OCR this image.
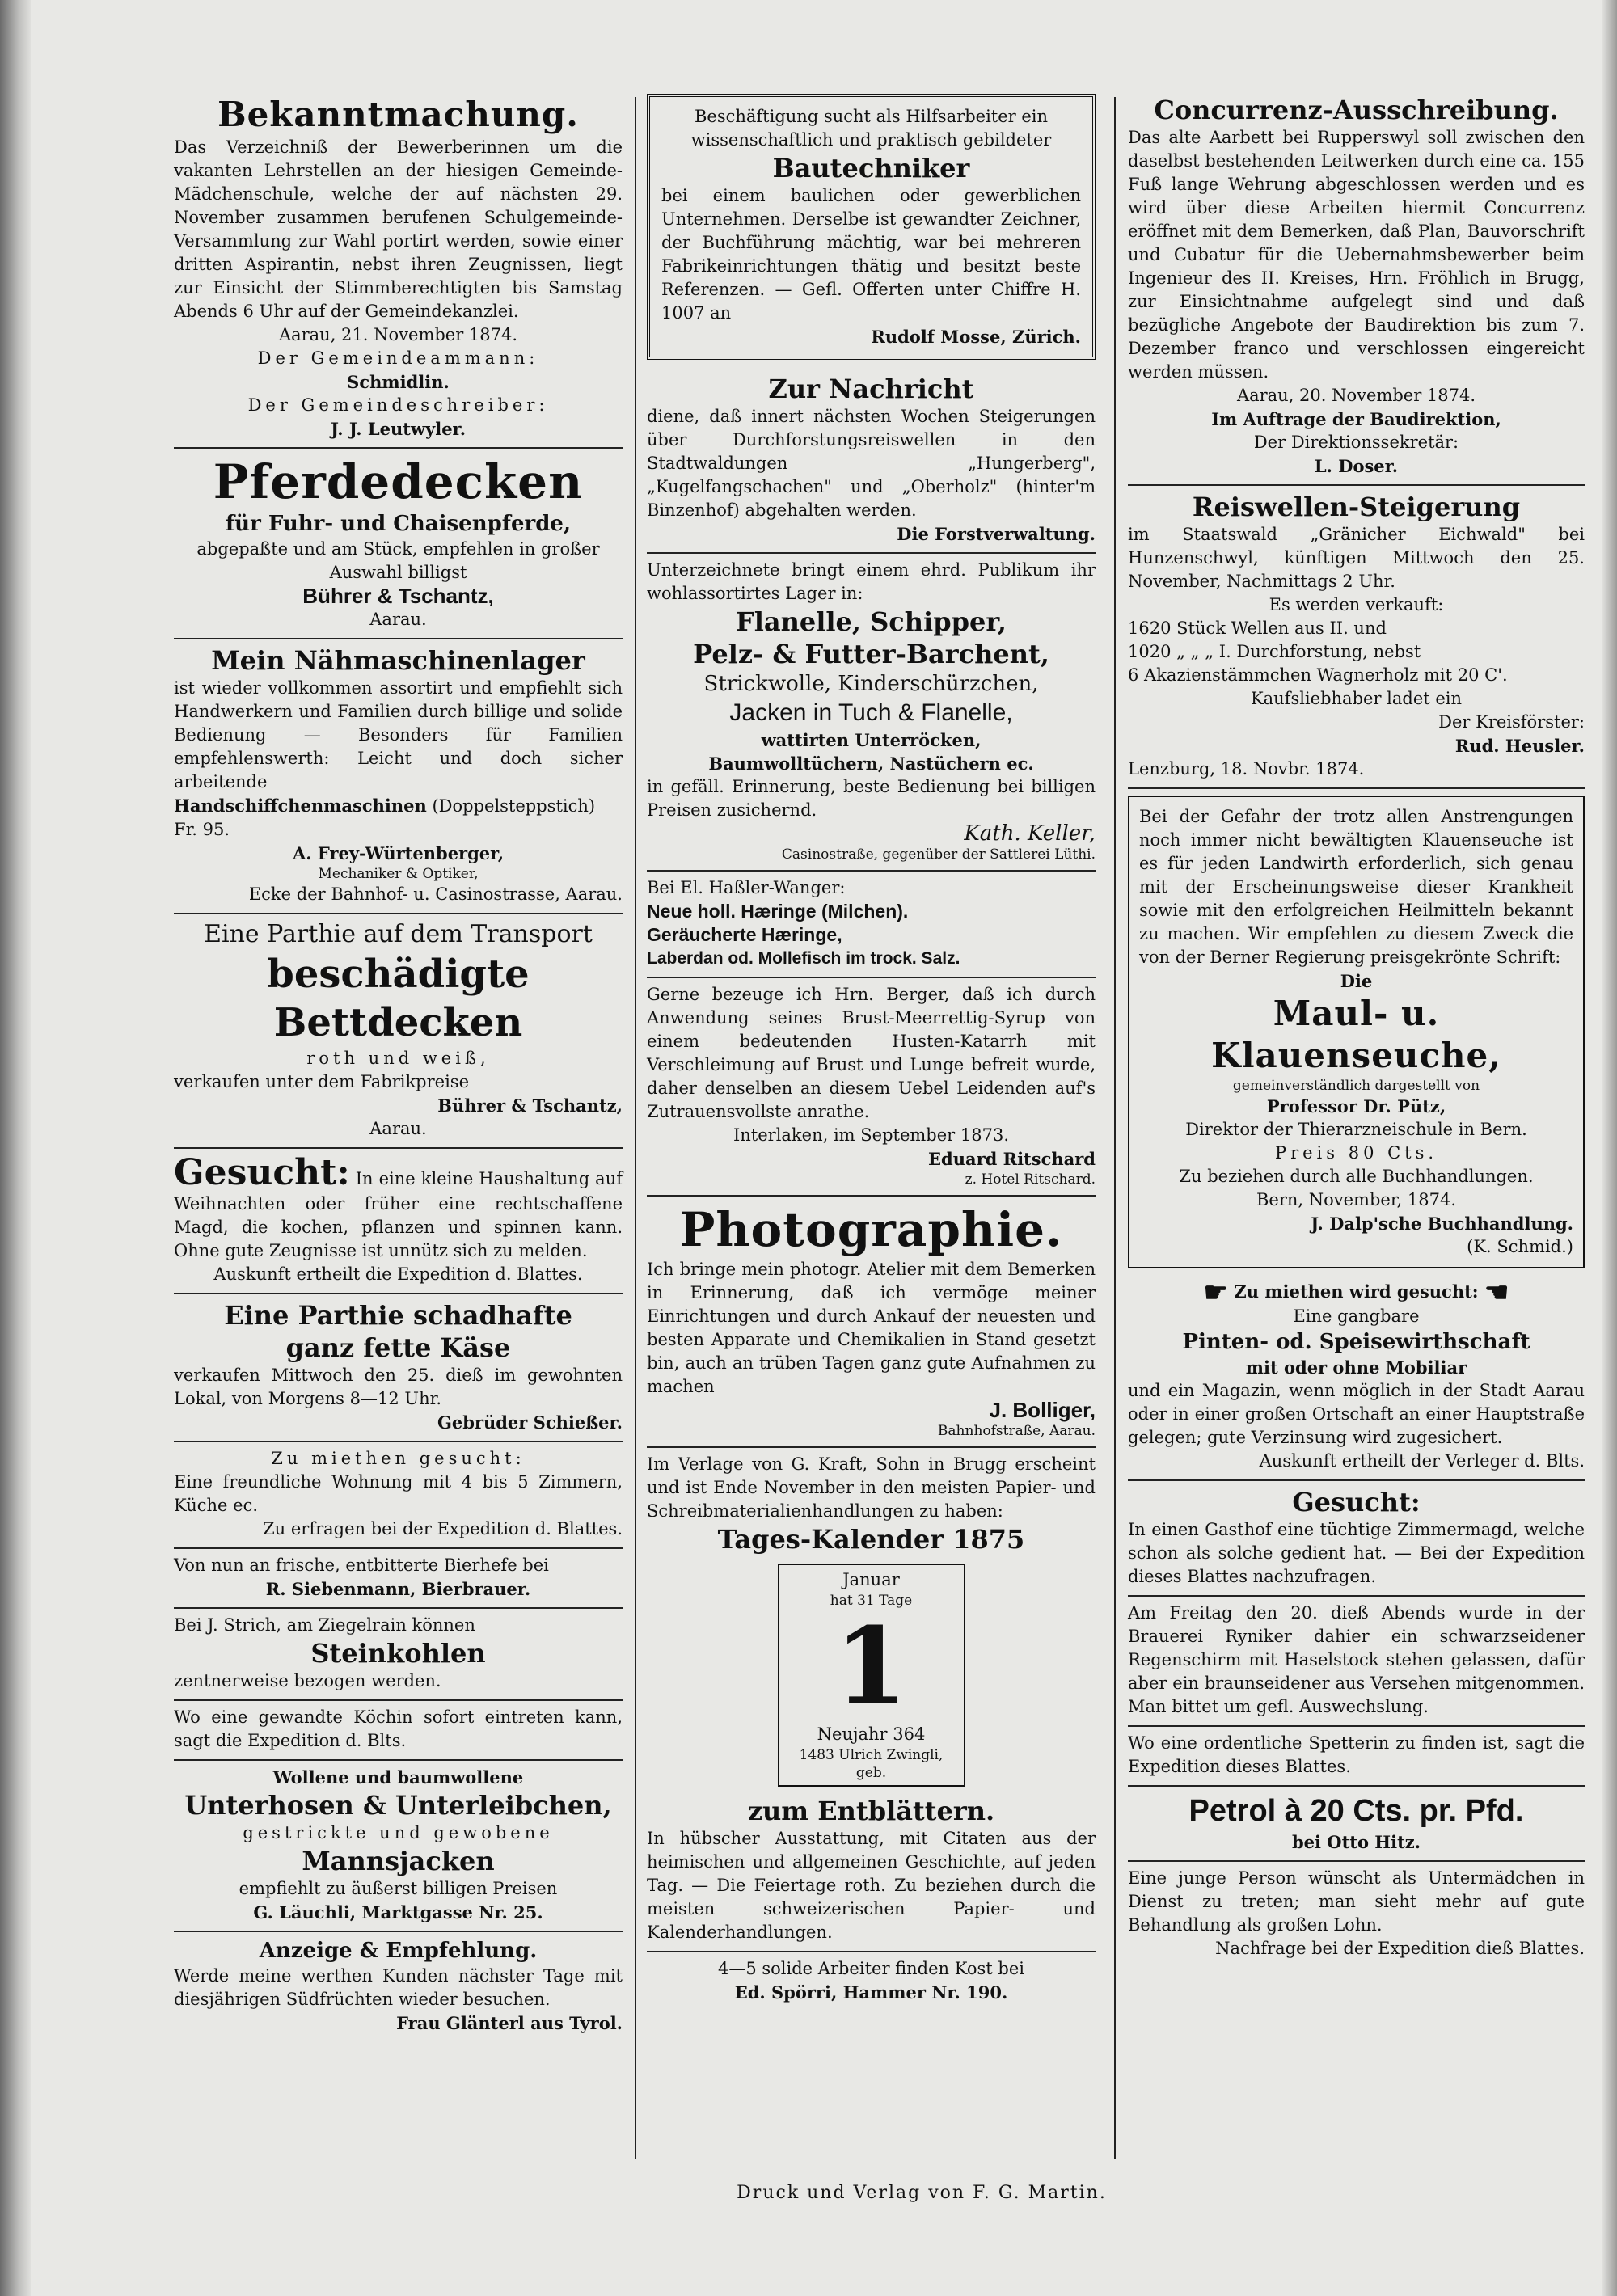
Bekanntmachung.
Das Verzeichniß der Bewerberinnen um die vakanten Lehrstellen an der hiesigen Gemeinde-Mädchenschule, welche der auf nächsten 29. November zusammen berufenen Schulgemeinde-Versammlung zur Wahl portirt werden, sowie einer dritten Aspirantin, nebst ihren Zeugnissen, liegt zur Einsicht der Stimmberechtigten bis Samstag Abends 6 Uhr auf der Gemeindekanzlei.
Aarau, 21. November 1874.
Der Gemeindeammann:
Schmidlin.
Der Gemeindeschreiber:
J. J. Leutwyler.
Pferdedecken
für Fuhr- und Chaisenpferde,
abgepaßte und am Stück, empfehlen in großer Auswahl billigst
Bührer & Tschantz,
Aarau.
Mein Nähmaschinenlager
ist wieder vollkommen assortirt und empfiehlt sich Handwerkern und Familien durch billige und solide Bedienung — Besonders für Familien empfehlenswerth: Leicht und doch sicher arbeitende
Handschiffchenmaschinen (Doppelsteppstich) Fr. 95.
A. Frey-Würtenberger,
Mechaniker & Optiker,
Ecke der Bahnhof- u. Casinostrasse, Aarau.
Eine Parthie auf dem Transport
beschädigte Bettdecken
roth und weiß,
verkaufen unter dem Fabrikpreise
Bührer & Tschantz,
Aarau.
Gesucht: In eine kleine Haushaltung auf Weihnachten oder früher eine rechtschaffene Magd, die kochen, pflanzen und spinnen kann. Ohne gute Zeugnisse ist unnütz sich zu melden.
Auskunft ertheilt die Expedition d. Blattes.
Eine Parthie schadhafte
ganz fette Käse
verkaufen Mittwoch den 25. dieß im gewohnten Lokal, von Morgens 8—12 Uhr.
Gebrüder Schießer.
Zu miethen gesucht:
Eine freundliche Wohnung mit 4 bis 5 Zimmern, Küche ec.
Zu erfragen bei der Expedition d. Blattes.
Von nun an frische, entbitterte Bierhefe bei
R. Siebenmann, Bierbrauer.
Bei J. Strich, am Ziegelrain können
Steinkohlen
zentnerweise bezogen werden.
Wo eine gewandte Köchin sofort eintreten kann, sagt die Expedition d. Blts.
Wollene und baumwollene
Unterhosen & Unterleibchen,
gestrickte und gewobene
Mannsjacken
empfiehlt zu äußerst billigen Preisen
G. Läuchli, Marktgasse Nr. 25.
Anzeige & Empfehlung.
Werde meine werthen Kunden nächster Tage mit diesjährigen Südfrüchten wieder besuchen.
Frau Glänterl aus Tyrol.
Beschäftigung sucht als Hilfsarbeiter ein wissenschaftlich und praktisch gebildeter
Bautechniker
bei einem baulichen oder gewerblichen Unternehmen. Derselbe ist gewandter Zeichner, der Buchführung mächtig, war bei mehreren Fabrikeinrichtungen thätig und besitzt beste Referenzen. — Gefl. Offerten unter Chiffre H. 1007 an
Rudolf Mosse, Zürich.
Zur Nachricht
diene, daß innert nächsten Wochen Steigerungen über Durchforstungsreiswellen in den Stadtwaldungen „Hungerberg", „Kugelfangschachen" und „Oberholz" (hinter'm Binzenhof) abgehalten werden.
Die Forstverwaltung.
Unterzeichnete bringt einem ehrd. Publikum ihr wohlassortirtes Lager in:
Flanelle, Schipper,
Pelz- & Futter-Barchent,
Strickwolle, Kinderschürzchen,
Jacken in Tuch & Flanelle,
wattirten Unterröcken,
Baumwolltüchern, Nastüchern ec.
in gefäll. Erinnerung, beste Bedienung bei billigen Preisen zusichernd.
Kath. Keller,
Casinostraße, gegenüber der Sattlerei Lüthi.
Bei El. Haßler-Wanger:
Neue holl. Hæringe (Milchen).
Geräucherte Hæringe,
Laberdan od. Mollefisch im trock. Salz.
Gerne bezeuge ich Hrn. Berger, daß ich durch Anwendung seines Brust-Meerrettig-Syrup von einem bedeutenden Husten-Katarrh mit Verschleimung auf Brust und Lunge befreit wurde, daher denselben an diesem Uebel Leidenden auf's Zutrauensvollste anrathe.
Interlaken, im September 1873.
Eduard Ritschard
z. Hotel Ritschard.
Photographie.
Ich bringe mein photogr. Atelier mit dem Bemerken in Erinnerung, daß ich vermöge meiner Einrichtungen und durch Ankauf der neuesten und besten Apparate und Chemikalien in Stand gesetzt bin, auch an trüben Tagen ganz gute Aufnahmen zu machen
J. Bolliger,
Bahnhofstraße, Aarau.
Im Verlage von G. Kraft, Sohn in Brugg erscheint und ist Ende November in den meisten Papier- und Schreibmaterialienhandlungen zu haben:
Tages-Kalender 1875
Januar
hat 31 Tage
1
Neujahr 364
1483 Ulrich Zwingli, geb.
zum Entblättern.
In hübscher Ausstattung, mit Citaten aus der heimischen und allgemeinen Geschichte, auf jeden Tag. — Die Feiertage roth. Zu beziehen durch die meisten schweizerischen Papier- und Kalenderhandlungen.
4—5 solide Arbeiter finden Kost bei
Ed. Spörri, Hammer Nr. 190.
Concurrenz-Ausschreibung.
Das alte Aarbett bei Rupperswyl soll zwischen den daselbst bestehenden Leitwerken durch eine ca. 155 Fuß lange Wehrung abgeschlossen werden und es wird über diese Arbeiten hiermit Concurrenz eröffnet mit dem Bemerken, daß Plan, Bauvorschrift und Cubatur für die Uebernahmsbewerber beim Ingenieur des II. Kreises, Hrn. Fröhlich in Brugg, zur Einsichtnahme aufgelegt sind und daß bezügliche Angebote der Baudirektion bis zum 7. Dezember franco und verschlossen eingereicht werden müssen.
Aarau, 20. November 1874.
Im Auftrage der Baudirektion,
Der Direktionssekretär:
L. Doser.
Reiswellen-Steigerung
im Staatswald „Gränicher Eichwald" bei Hunzenschwyl, künftigen Mittwoch den 25. November, Nachmittags 2 Uhr.
Es werden verkauft:
1620 Stück Wellen aus II. und
1020 „ „ „ I. Durchforstung, nebst
6 Akazienstämmchen Wagnerholz mit 20 C'.
Kaufsliebhaber ladet ein
Der Kreisförster:
Rud. Heusler.
Lenzburg, 18. Novbr. 1874.
Bei der Gefahr der trotz allen Anstrengungen noch immer nicht bewältigten Klauenseuche ist es für jeden Landwirth erforderlich, sich genau mit der Erscheinungsweise dieser Krankheit sowie mit den erfolgreichen Heilmitteln bekannt zu machen. Wir empfehlen zu diesem Zweck die von der Berner Regierung preisgekrönte Schrift:
Die
Maul- u. Klauenseuche,
gemeinverständlich dargestellt von
Professor Dr. Pütz,
Direktor der Thierarzneischule in Bern.
Preis 80 Cts.
Zu beziehen durch alle Buchhandlungen.
Bern, November, 1874.
J. Dalp'sche Buchhandlung.
(K. Schmid.)
☛ Zu miethen wird gesucht: ☚
Eine gangbare
Pinten- od. Speisewirthschaft
mit oder ohne Mobiliar
und ein Magazin, wenn möglich in der Stadt Aarau oder in einer großen Ortschaft an einer Hauptstraße gelegen; gute Verzinsung wird zugesichert.
Auskunft ertheilt der Verleger d. Blts.
Gesucht:
In einen Gasthof eine tüchtige Zimmermagd, welche schon als solche gedient hat. — Bei der Expedition dieses Blattes nachzufragen.
Am Freitag den 20. dieß Abends wurde in der Brauerei Ryniker dahier ein schwarzseidener Regenschirm mit Haselstock stehen gelassen, dafür aber ein braunseidener aus Versehen mitgenommen. Man bittet um gefl. Auswechslung.
Wo eine ordentliche Spetterin zu finden ist, sagt die Expedition dieses Blattes.
Petrol à 20 Cts. pr. Pfd.
bei Otto Hitz.
Eine junge Person wünscht als Untermädchen in Dienst zu treten; man sieht mehr auf gute Behandlung als großen Lohn.
Nachfrage bei der Expedition dieß Blattes.
Druck und Verlag von F. G. Martin.
